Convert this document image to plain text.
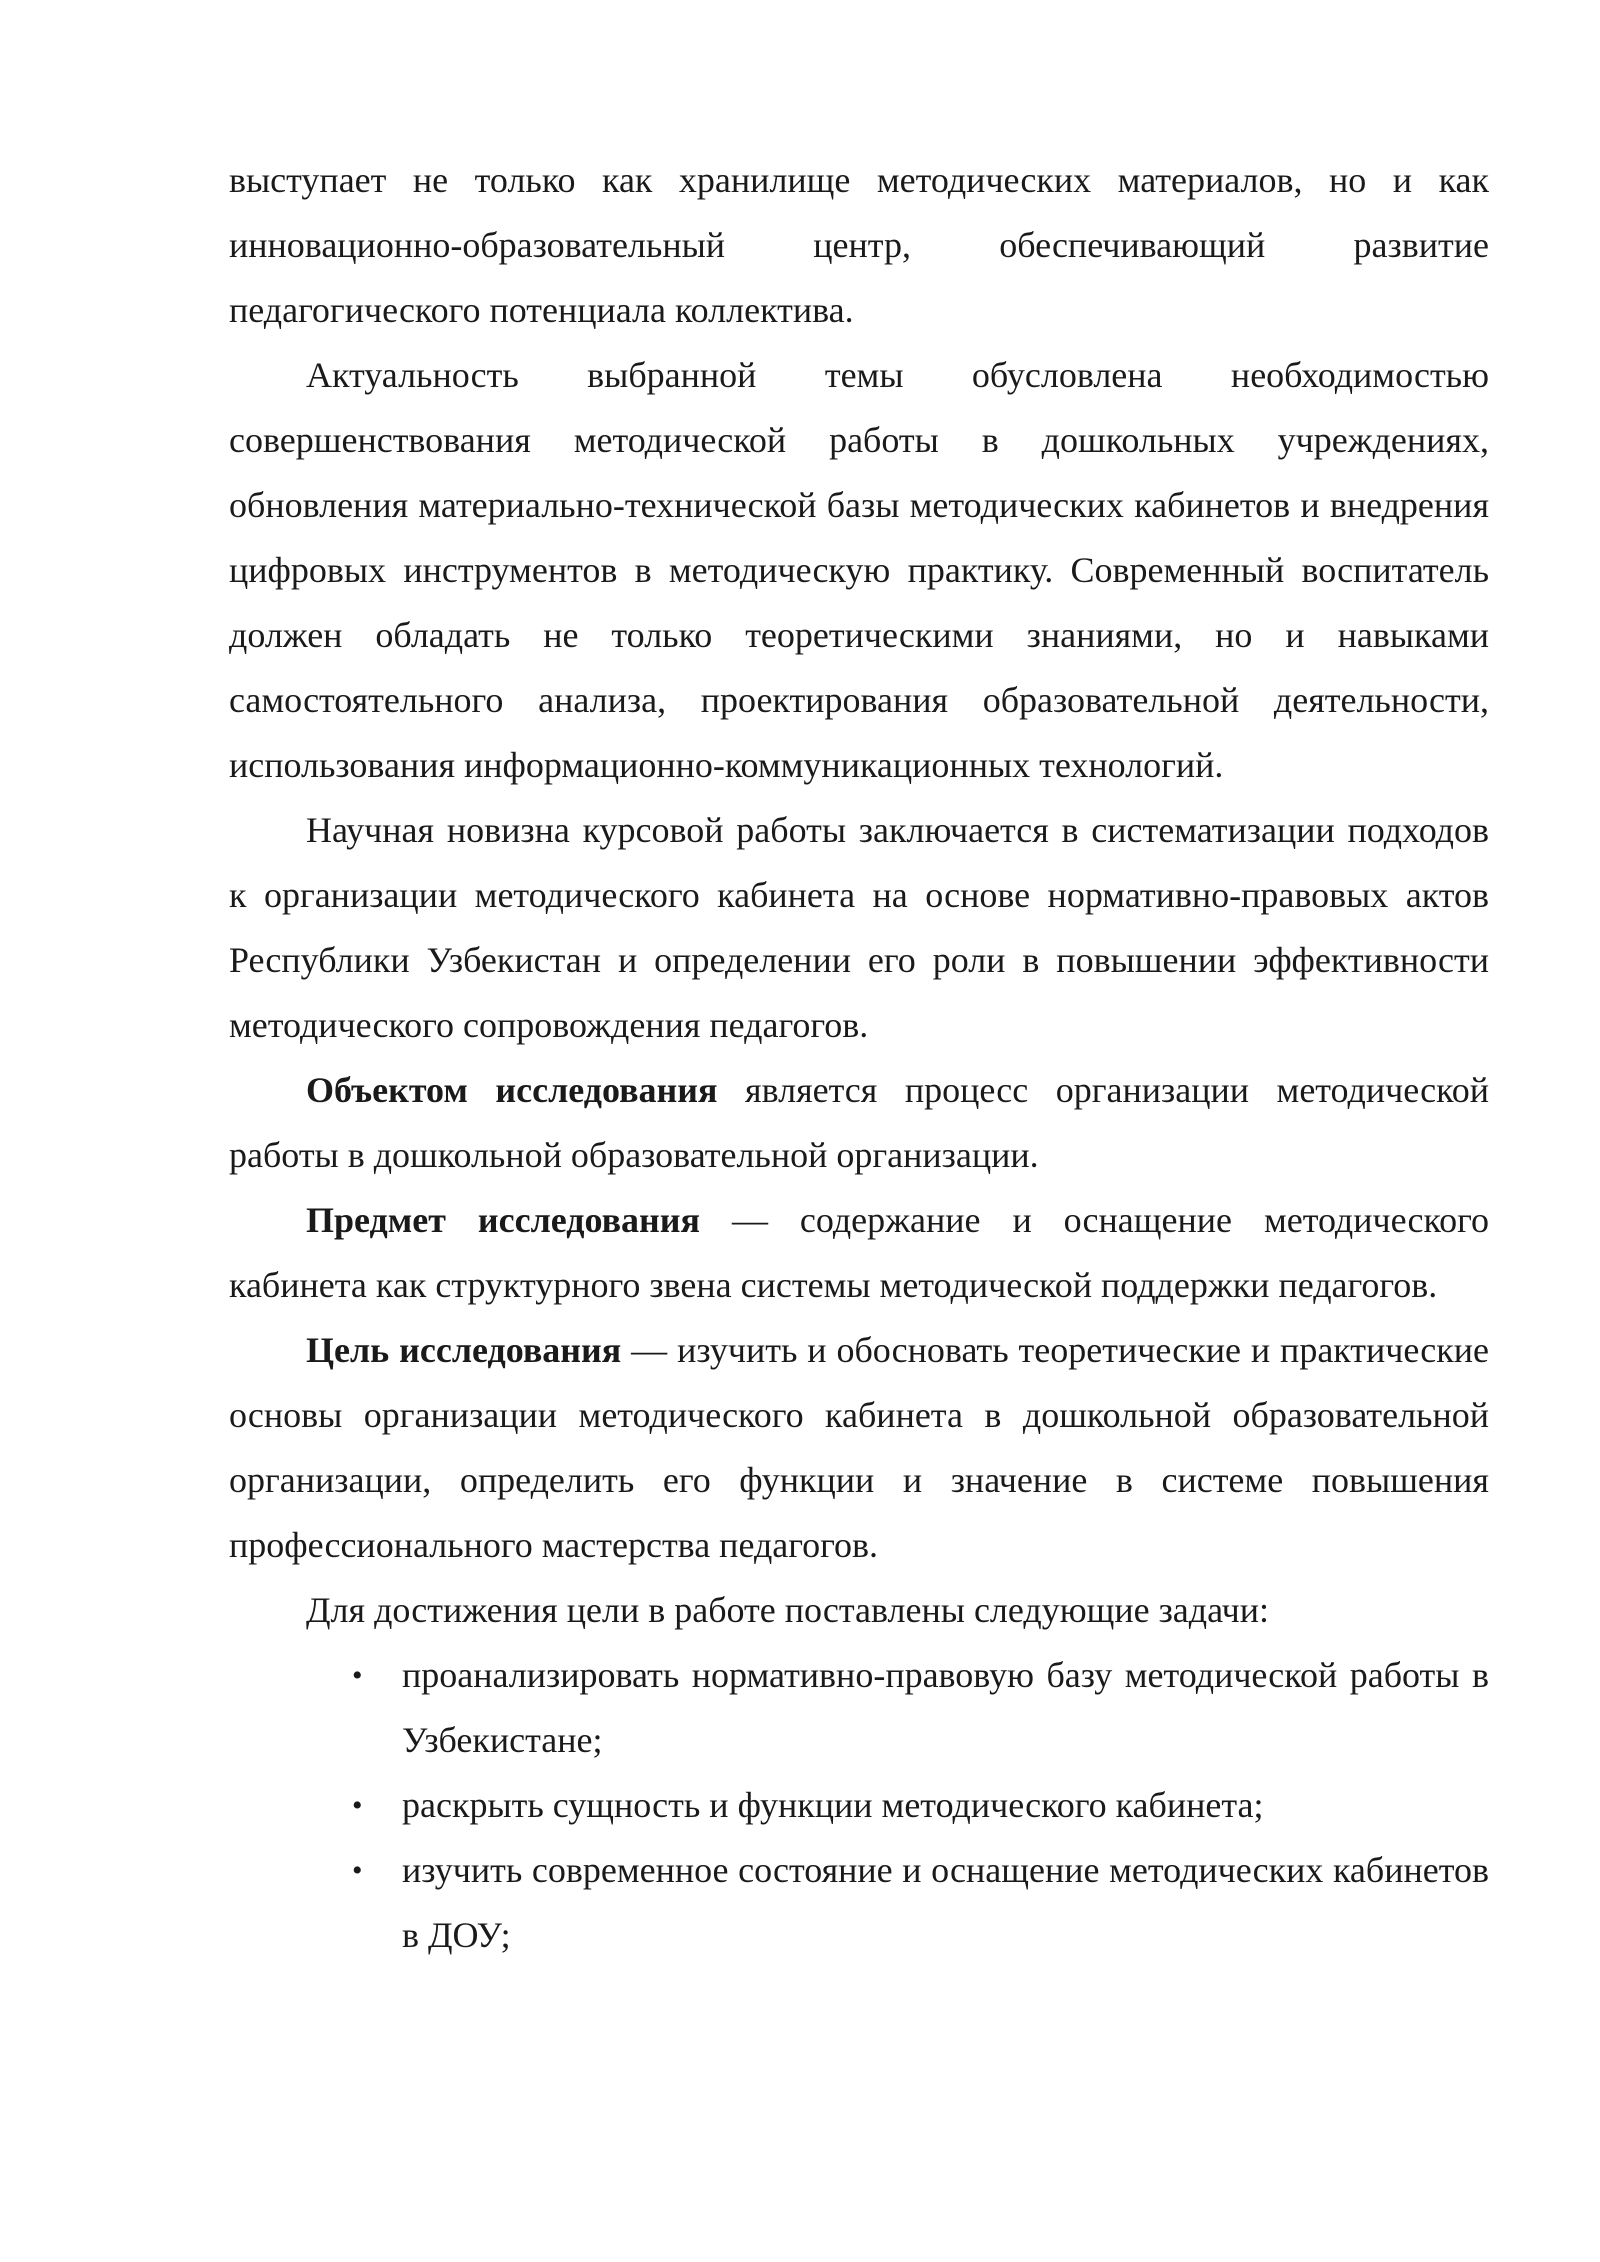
выступает не только как хранилище методических материалов, но и как инновационно-образовательный центр, обеспечивающий развитие педагогического потенциала коллектива.

Актуальность выбранной темы обусловлена необходимостью совершенствования методической работы в дошкольных учреждениях, обновления материально-технической базы методических кабинетов и внедрения цифровых инструментов в методическую практику. Современный воспитатель должен обладать не только теоретическими знаниями, но и навыками самостоятельного анализа, проектирования образовательной деятельности, использования информационно-коммуникационных технологий.

Научная новизна курсовой работы заключается в систематизации подходов к организации методического кабинета на основе нормативно-правовых актов Республики Узбекистан и определении его роли в повышении эффективности методического сопровождения педагогов.

Объектом исследования является процесс организации методической работы в дошкольной образовательной организации.

Предмет исследования — содержание и оснащение методического кабинета как структурного звена системы методической поддержки педагогов.

Цель исследования — изучить и обосновать теоретические и практические основы организации методического кабинета в дошкольной образовательной организации, определить его функции и значение в системе повышения профессионального мастерства педагогов.

Для достижения цели в работе поставлены следующие задачи:

• проанализировать нормативно-правовую базу методической работы в Узбекистане;
• раскрыть сущность и функции методического кабинета;
• изучить современное состояние и оснащение методических кабинетов в ДОУ;
